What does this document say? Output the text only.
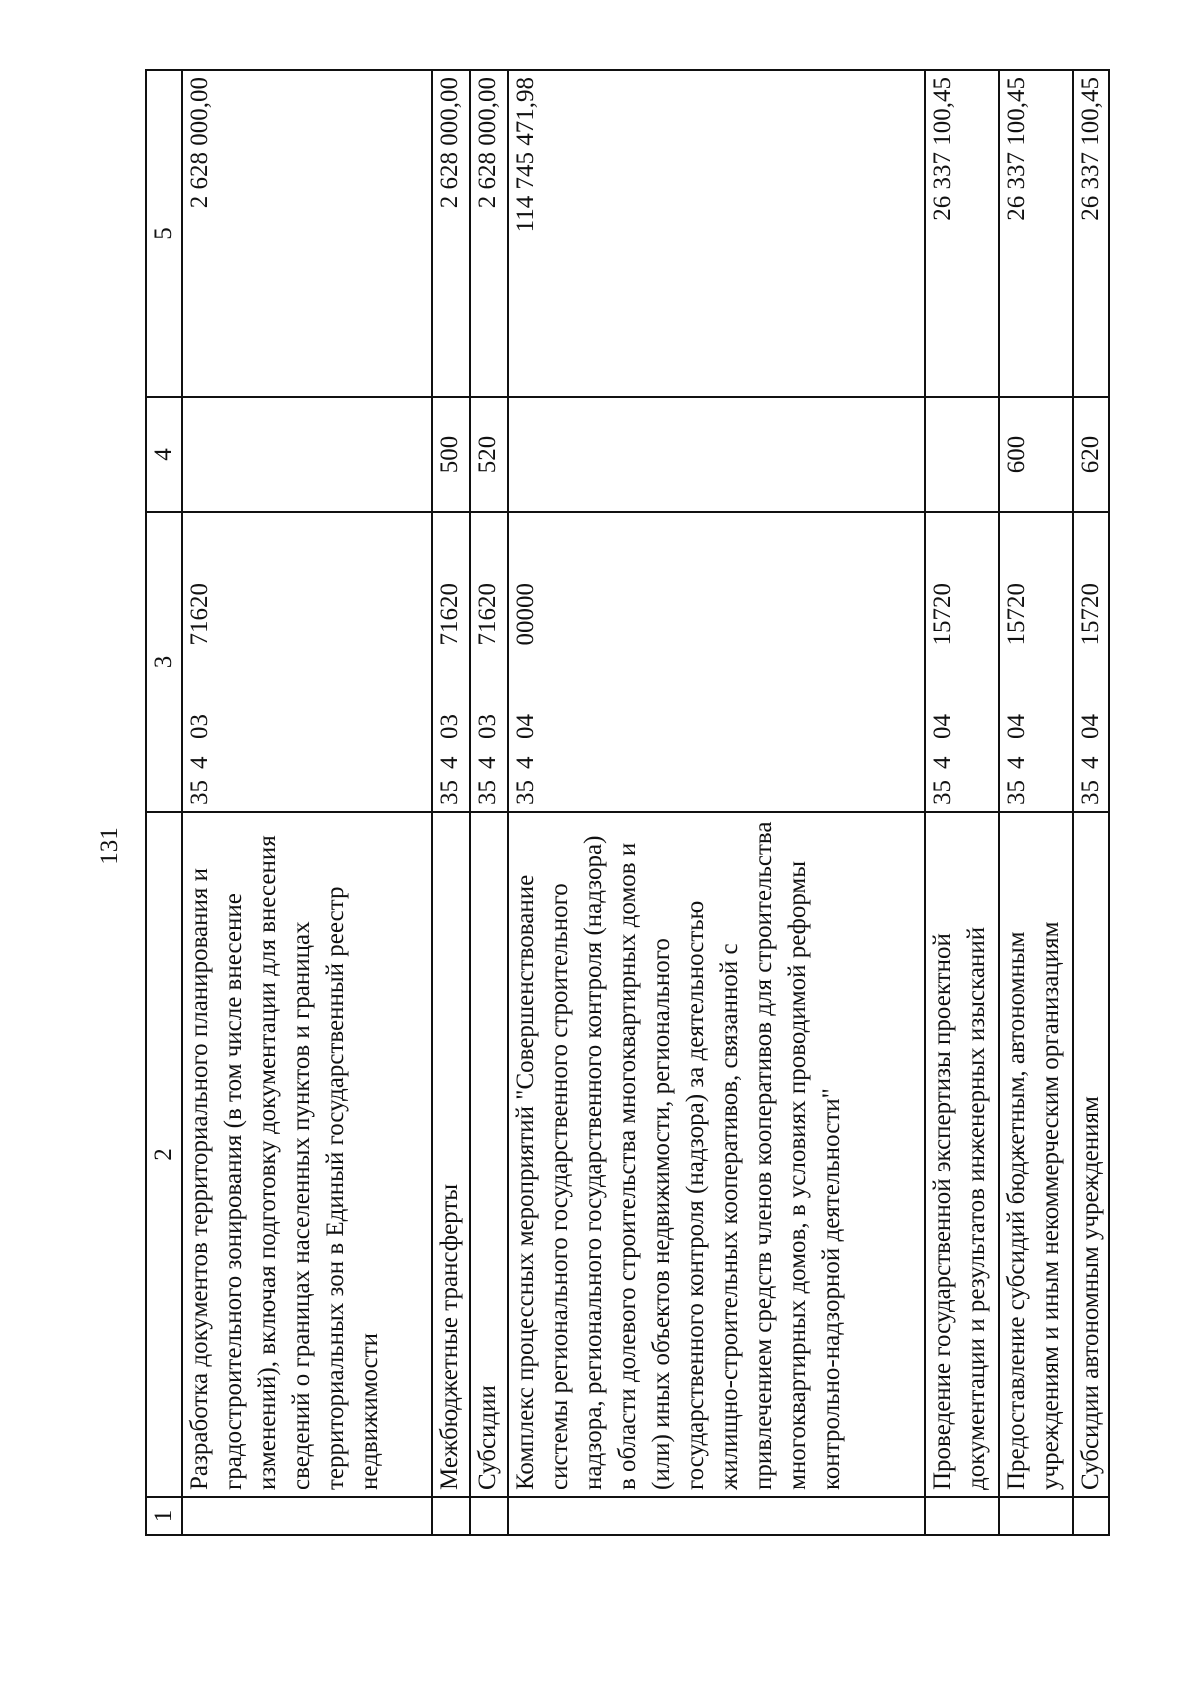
131
1	2	3	4	5
	Разработка документов территориального планирования и градостроительного зонирования (в том числе внесение изменений), включая подготовку документации для внесения сведений о границах населенных пунктов и границах территориальных зон в Единый государственный реестр недвижимости	3540371620		2 628 000,00
	Межбюджетные трансферты	3540371620	500	2 628 000,00
	Субсидии	3540371620	520	2 628 000,00
	Комплекс процессных мероприятий "Совершенствование системы регионального государственного строительного надзора, регионального государственного контроля (надзора) в области долевого строительства многоквартирных домов и (или) иных объектов недвижимости, регионального государственного контроля (надзора) за деятельностью жилищно-строительных кооперативов, связанной с привлечением средств членов кооперативов для строительства многоквартирных домов, в условиях проводимой реформы контрольно-надзорной деятельности"	3540400000		114 745 471,98
	Проведение государственной экспертизы проектной документации и результатов инженерных изысканий	3540415720		26 337 100,45
	Предоставление субсидий бюджетным, автономным учреждениям и иным некоммерческим организациям	3540415720	600	26 337 100,45
	Субсидии автономным учреждениям	3540415720	620	26 337 100,45
